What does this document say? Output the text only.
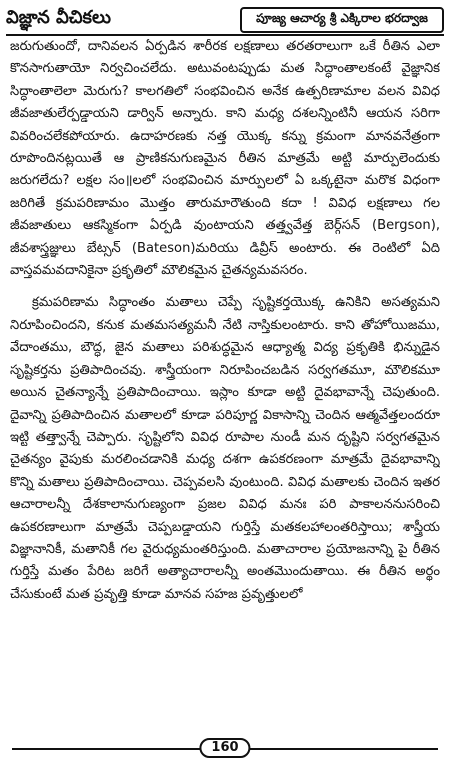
విజ్ఞాన వీచికలు	పూజ్య ఆచార్య శ్రీ ఎక్కిరాల భరద్వాజ

జరుగుతుందో, దానివలన ఏర్పడిన శారీరక లక్షణాలు తరతరాలుగా ఒకే రీతిన ఎలా కొనసాగుతాయో నిర్వచించలేదు. అటువంటప్పుడు మత సిద్ధాంతాలకంటే వైజ్ఞానిక సిద్ధాంతాలెలా మెరుగు? కాలగతిలో సంభవించిన అనేక ఉత్పరిణామాల వలన వివిధ జీవజాతులేర్పడ్డాయని డార్విన్ అన్నారు. కాని మధ్య దశలన్నింటినీ ఆయన సరిగా వివరించలేకపోయారు. ఉదాహరణకు నత్త యొక్క కన్ను క్రమంగా మానవనేత్రంగా రూపొందినట్లయితే ఆ ప్రాణికనుగుణమైన రీతిన మాత్రమే అట్టి మార్పులెందుకు జరుగలేదు? లక్షల సం॥లలో సంభవించిన మార్పులలో ఏ ఒక్కటైనా మరొక విధంగా జరిగితే క్రమపరిణామం మొత్తం తారుమారౌతుంది కదా ! వివిధ లక్షణాలు గల జీవజాతులు ఆకస్మికంగా ఏర్పడి వుంటాయని తత్త్వవేత్త బెర్గ్‌సన్ (Bergson), జీవశాస్త్రజ్ఞులు బేట్సన్ (Bateson)మరియు డివ్రీస్ అంటారు. ఈ రెంటిలో ఏది వాస్తవమవదానికైనా ప్రకృతిలో మౌలికమైన చైతన్యమవసరం.

క్రమపరిణామ సిద్ధాంతం మతాలు చెప్పే సృష్టికర్తయొక్క ఉనికిని అసత్యమని నిరూపించిందని, కనుక మతమసత్యమనీ నేటి నాస్తికులంటారు. కాని తోహోయిజము, వేదాంతము, బౌద్ధ, జైన మతాలు పరిశుద్ధమైన ఆధ్యాత్మ విద్య ప్రకృతికి భిన్నుడైన సృష్టికర్తను ప్రతిపాదించవు. శాస్త్రీయంగా నిరూపించబడిన సర్వగతమూ, మౌలికమూ అయిన చైతన్యాన్నే ప్రతిపాదించాయి. ఇస్లాం కూడా అట్టి దైవభావాన్నే చెపుతుంది. దైవాన్ని ప్రతిపాదించిన మతాలలో కూడా పరిపూర్ణ వికాసాన్ని చెందిన ఆత్మవేత్తలందరూ ఇట్టి తత్త్వాన్నే చెప్పారు. సృష్టిలోని వివిధ రూపాల నుండీ మన దృష్టిని సర్వగతమైన చైతన్యం వైపుకు మరలించడానికి మధ్య దశగా ఉపకరణంగా మాత్రమే దైవభావాన్ని కొన్ని మతాలు ప్రతిపాదించాయి. చెప్పవలసి వుంటుంది. వివిధ మతాలకు చెందిన ఇతర ఆచారాలన్నీ దేశకాలానుగుణ్యంగా ప్రజల వివిధ మనః పరి పాకాలననుసరించి ఉపకరణాలుగా మాత్రమే చెప్పబడ్డాయని గుర్తిస్తే మతకలహాలంతరిస్తాయి; శాస్త్రీయ విజ్ఞానానికీ, మతానికీ గల వైరుధ్యమంతరిస్తుంది. మతాచారాల ప్రయోజనాన్ని పై రీతిన గుర్తిస్తే మతం పేరిట జరిగే అత్యాచారాలన్నీ అంతమొందుతాయి. ఈ రీతిన అర్థం చేసుకుంటే మత ప్రవృత్తి కూడా మానవ సహజ ప్రవృత్తులలో

160
